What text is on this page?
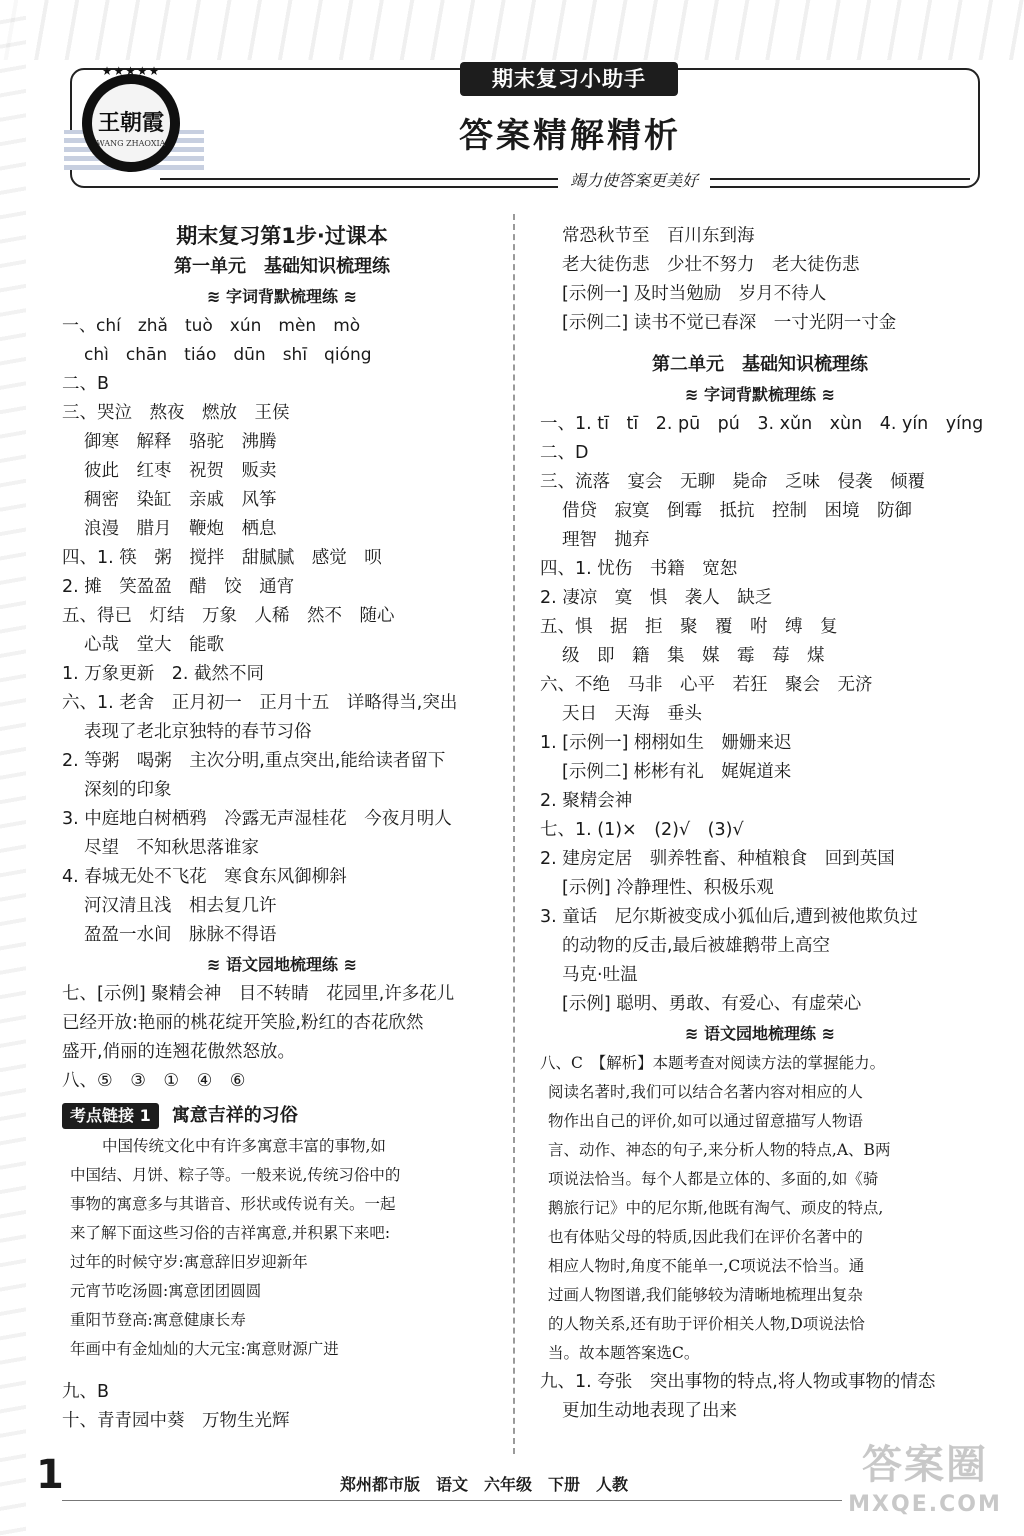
★★★★★
王朝霞
WANG ZHAOXIA
期末复习小助手
答案精解精析
竭力使答案更美好
期末复习第1步·过课本
第一单元　基础知识梳理练
≋ 字词背默梳理练 ≋
一、chí　zhǎ　tuò　xún　mèn　mò
chì　chān　tiáo　dūn　shī　qióng
二、B
三、哭泣　熬夜　燃放　王侯
御寒　解释　骆驼　沸腾
彼此　红枣　祝贺　贩卖
稠密　染缸　亲戚　风筝
浪漫　腊月　鞭炮　栖息
四、1. 筷　粥　搅拌　甜腻腻　感觉　呗
2. 摊　笑盈盈　醋　饺　通宵
五、得已　灯结　万象　人稀　然不　随心
心哉　堂大　能歌
1. 万象更新　2. 截然不同
六、1. 老舍　正月初一　正月十五　详略得当,突出
表现了老北京独特的春节习俗
2. 等粥　喝粥　主次分明,重点突出,能给读者留下
深刻的印象
3. 中庭地白树栖鸦　冷露无声湿桂花　今夜月明人
尽望　不知秋思落谁家
4. 春城无处不飞花　寒食东风御柳斜
河汉清且浅　相去复几许
盈盈一水间　脉脉不得语
≋ 语文园地梳理练 ≋
七、[示例] 聚精会神　目不转睛　花园里,许多花儿
已经开放:艳丽的桃花绽开笑脸,粉红的杏花欣然
盛开,俏丽的连翘花傲然怒放。
八、⑤　③　①　④　⑥
考点链接 1 寓意吉祥的习俗
中国传统文化中有许多寓意丰富的事物,如
中国结、月饼、粽子等。一般来说,传统习俗中的
事物的寓意多与其谐音、形状或传说有关。一起
来了解下面这些习俗的吉祥寓意,并积累下来吧:
过年的时候守岁:寓意辞旧岁迎新年
元宵节吃汤圆:寓意团团圆圆
重阳节登高:寓意健康长寿
年画中有金灿灿的大元宝:寓意财源广进
九、B
十、青青园中葵　万物生光辉
常恐秋节至　百川东到海
老大徒伤悲　少壮不努力　老大徒伤悲
[示例一] 及时当勉励　岁月不待人
[示例二] 读书不觉已春深　一寸光阴一寸金
第二单元　基础知识梳理练
≋ 字词背默梳理练 ≋
一、1. tī　tī　2. pū　pú　3. xǔn　xùn　4. yín　yíng
二、D
三、流落　宴会　无聊　毙命　乏味　侵袭　倾覆
借贷　寂寞　倒霉　抵抗　控制　困境　防御
理智　抛弃
四、1. 忧伤　书籍　宽恕
2. 凄凉　寞　惧　袭人　缺乏
五、惧　据　拒　聚　覆　咐　缚　复
级　即　籍　集　媒　霉　莓　煤
六、不绝　马非　心平　若狂　聚会　无济
天日　天海　垂头
1. [示例一] 栩栩如生　姗姗来迟
[示例二] 彬彬有礼　娓娓道来
2. 聚精会神
七、1. (1)×　(2)√　(3)√
2. 建房定居　驯养牲畜、种植粮食　回到英国
[示例] 冷静理性、积极乐观
3. 童话　尼尔斯被变成小狐仙后,遭到被他欺负过
的动物的反击,最后被雄鹅带上高空
马克·吐温
[示例] 聪明、勇敢、有爱心、有虚荣心
≋ 语文园地梳理练 ≋
八、C　【解析】本题考查对阅读方法的掌握能力。
阅读名著时,我们可以结合名著内容对相应的人
物作出自己的评价,如可以通过留意描写人物语
言、动作、神态的句子,来分析人物的特点,A、B两
项说法恰当。每个人都是立体的、多面的,如《骑
鹅旅行记》中的尼尔斯,他既有淘气、顽皮的特点,
也有体贴父母的特质,因此我们在评价名著中的
相应人物时,角度不能单一,C项说法不恰当。通
过画人物图谱,我们能够较为清晰地梳理出复杂
的人物关系,还有助于评价相关人物,D项说法恰
当。故本题答案选C。
九、1. 夸张　突出事物的特点,将人物或事物的情态
更加生动地表现了出来
1	郑州都市版　语文　六年级　下册　人教	答案圈
MXQE.COM
